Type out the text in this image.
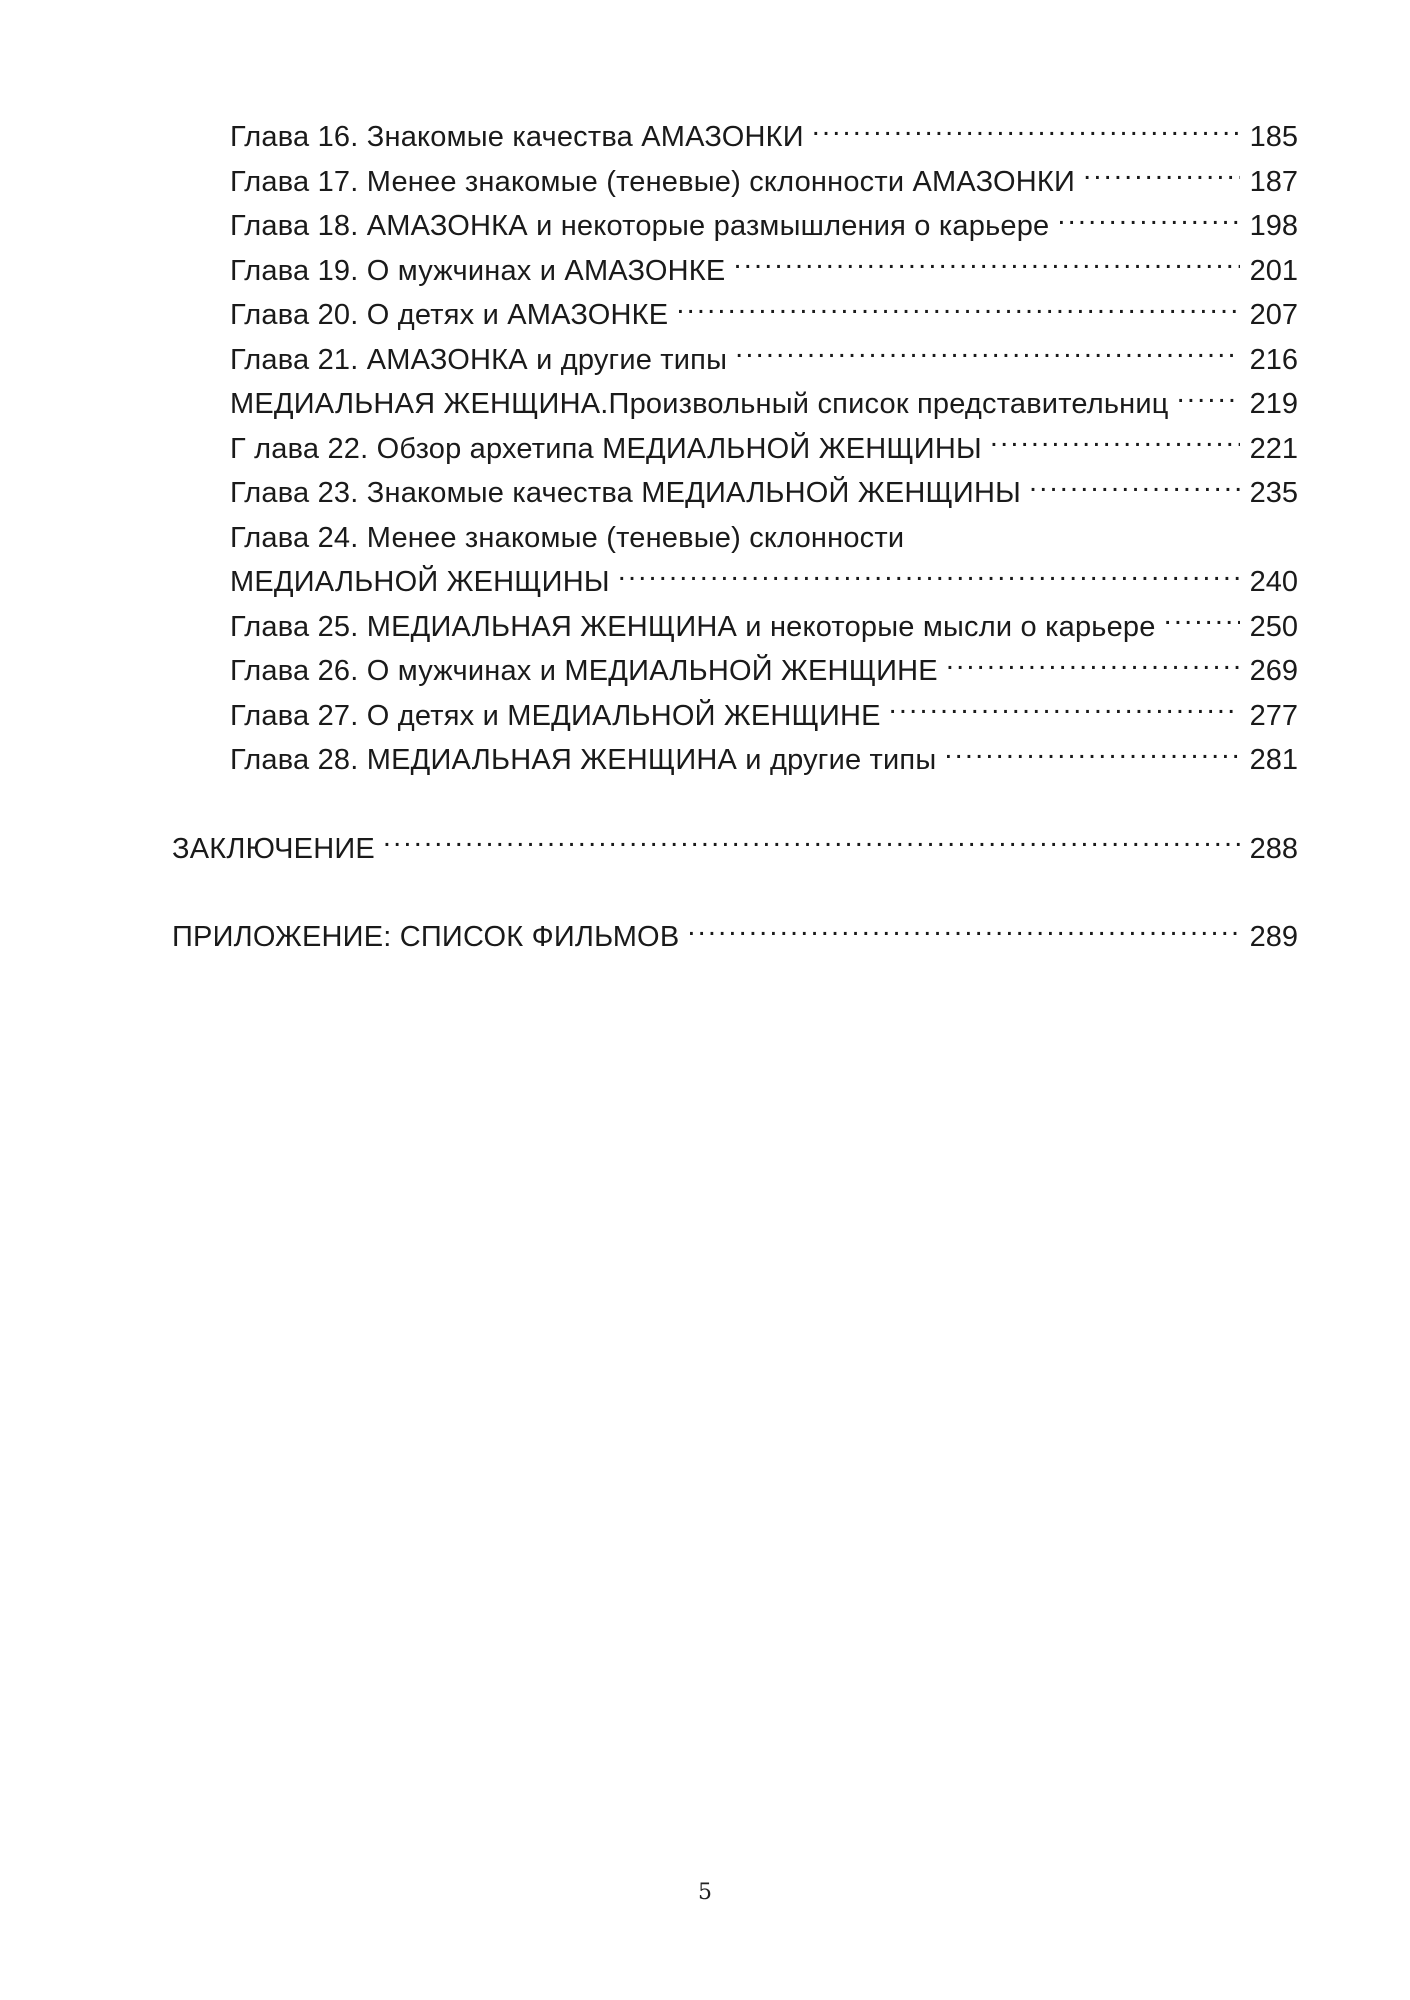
Глава 16. Знакомые качества АМАЗОНКИ .....	185
Глава 17. Менее знакомые (теневые) склонности АМАЗОНКИ .....	187
Глава 18. АМАЗОНКА и некоторые размышления о карьере .....	198
Глава 19. О мужчинах и АМАЗОНКЕ .....	201
Глава 20. О детях и АМАЗОНКЕ .....	207
Глава 21. АМАЗОНКА и другие типы .....	216
МЕДИАЛЬНАЯ ЖЕНЩИНА.Произвольный список представительниц .....	219
Г лава 22. Обзор архетипа МЕДИАЛЬНОЙ ЖЕНЩИНЫ .....	221
Глава 23. Знакомые качества МЕДИАЛЬНОЙ ЖЕНЩИНЫ .....	235
Глава 24. Менее знакомые (теневые) склонности
МЕДИАЛЬНОЙ ЖЕНЩИНЫ .....	240
Глава 25. МЕДИАЛЬНАЯ ЖЕНЩИНА и некоторые мысли о карьере .....	250
Глава 26. О мужчинах и МЕДИАЛЬНОЙ ЖЕНЩИНЕ .....	269
Глава 27. О детях и МЕДИАЛЬНОЙ ЖЕНЩИНЕ .....	277
Глава 28. МЕДИАЛЬНАЯ ЖЕНЩИНА и другие типы .....	281
ЗАКЛЮЧЕНИЕ .....	288
ПРИЛОЖЕНИЕ: СПИСОК ФИЛЬМОВ .....	289
5
